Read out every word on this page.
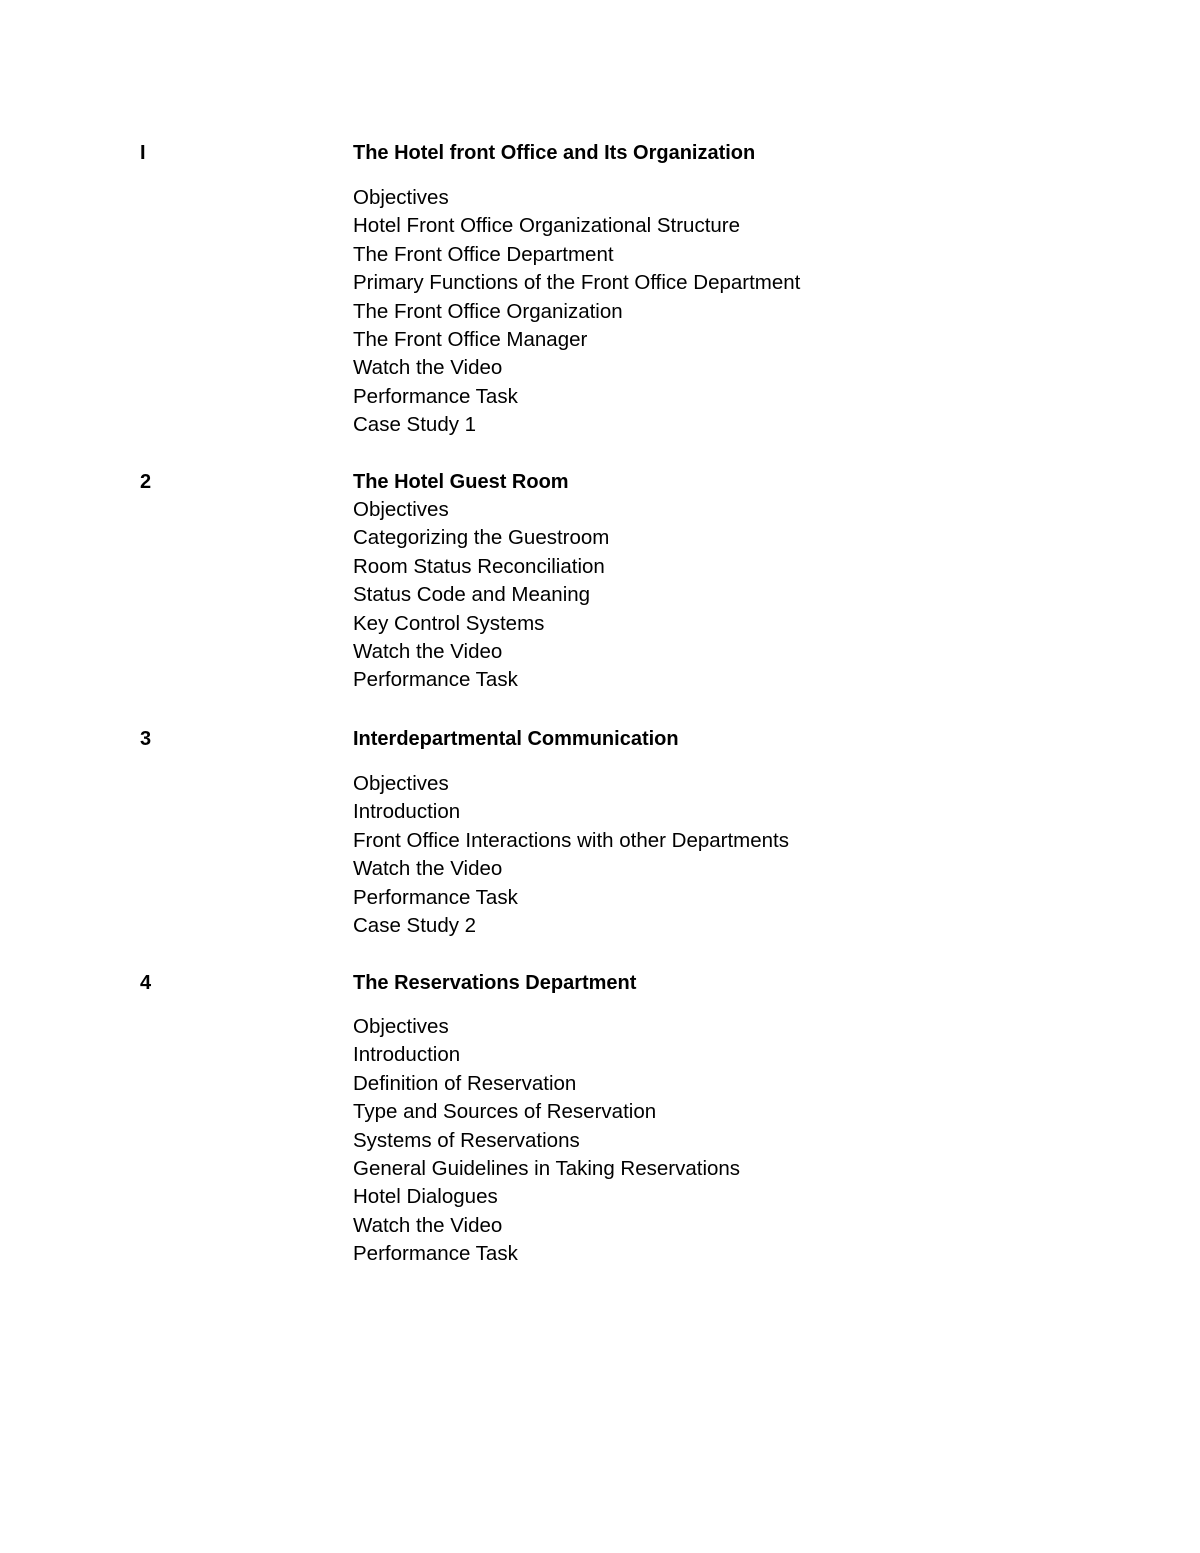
I	The Hotel front Office and Its Organization
Objectives
Hotel Front Office Organizational Structure
The Front Office Department
Primary Functions of the Front Office Department
The Front Office Organization
The Front Office Manager
Watch the Video
Performance Task
Case Study 1
2	The Hotel Guest Room
Objectives
Categorizing the Guestroom
Room Status Reconciliation
Status Code and Meaning
Key Control Systems
Watch the Video
Performance Task
3	Interdepartmental Communication
Objectives
Introduction
Front Office Interactions with other Departments
Watch the Video
Performance Task
Case Study 2
4	The Reservations Department
Objectives
Introduction
Definition of Reservation
Type and Sources of Reservation
Systems of Reservations
General Guidelines in Taking Reservations
Hotel Dialogues
Watch the Video
Performance Task
